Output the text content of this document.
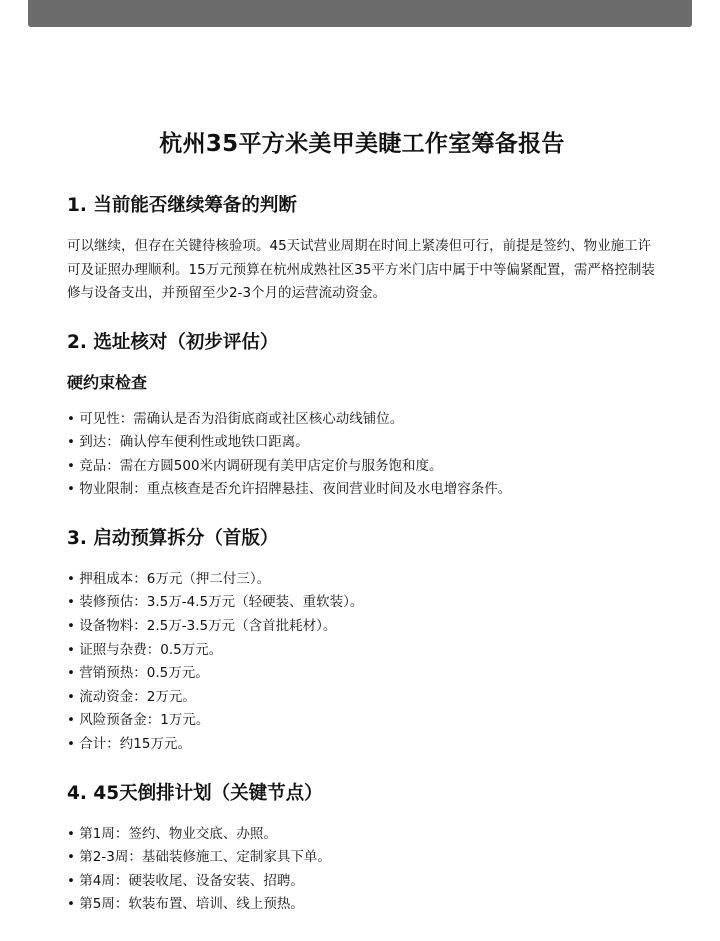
杭州35平方米美甲美睫工作室筹备报告
1. 当前能否继续筹备的判断

可以继续，但存在关键待核验项。45天试营业周期在时间上紧凑但可行，前提是签约、物业施工许可及证照办理顺利。15万元预算在杭州成熟社区35平方米门店中属于中等偏紧配置，需严格控制装修与设备支出，并预留至少2-3个月的运营流动资金。

2. 选址核对（初步评估）
硬约束检查
• 可见性：需确认是否为沿街底商或社区核心动线铺位。
• 到达：确认停车便利性或地铁口距离。
• 竞品：需在方圆500米内调研现有美甲店定价与服务饱和度。
• 物业限制：重点核查是否允许招牌悬挂、夜间营业时间及水电增容条件。
3. 启动预算拆分（首版）
• 押租成本：6万元（押二付三）。
• 装修预估：3.5万-4.5万元（轻硬装、重软装）。
• 设备物料：2.5万-3.5万元（含首批耗材）。
• 证照与杂费：0.5万元。
• 营销预热：0.5万元。
• 流动资金：2万元。
• 风险预备金：1万元。
• 合计：约15万元。
4. 45天倒排计划（关键节点）
• 第1周：签约、物业交底、办照。
• 第2-3周：基础装修施工、定制家具下单。
• 第4周：硬装收尾、设备安装、招聘。
• 第5周：软装布置、培训、线上预热。
